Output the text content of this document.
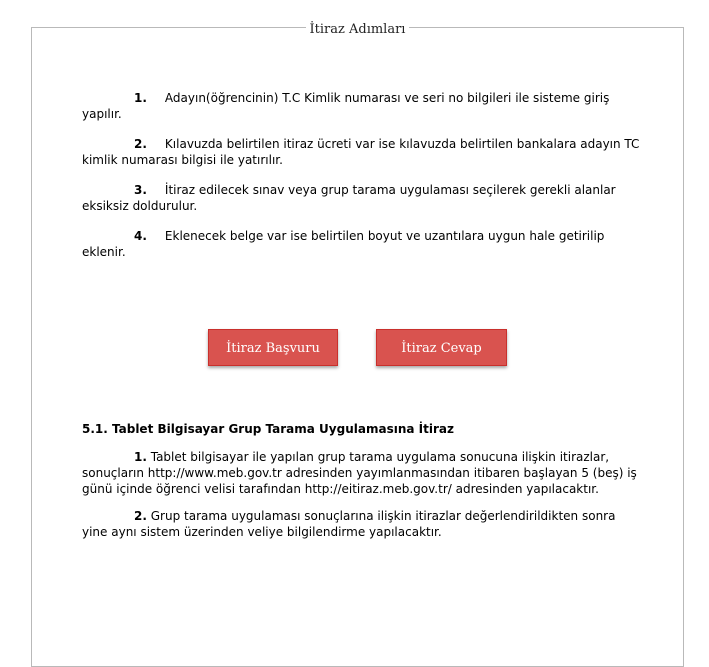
İtiraz Adımları

1. Adayın(öğrencinin) T.C Kimlik numarası ve seri no bilgileri ile sisteme giriş yapılır.

2. Kılavuzda belirtilen itiraz ücreti var ise kılavuzda belirtilen bankalara adayın TC kimlik numarası bilgisi ile yatırılır.

3. İtiraz edilecek sınav veya grup tarama uygulaması seçilerek gerekli alanlar eksiksiz doldurulur.

4. Eklenecek belge var ise belirtilen boyut ve uzantılara uygun hale getirilip eklenir.

İtiraz Başvuru	İtiraz Cevap

5.1. Tablet Bilgisayar Grup Tarama Uygulamasına İtiraz

1. Tablet bilgisayar ile yapılan grup tarama uygulama sonucuna ilişkin itirazlar, sonuçların http://www.meb.gov.tr adresinden yayımlanmasından itibaren başlayan 5 (beş) iş günü içinde öğrenci velisi tarafından http://eitiraz.meb.gov.tr/ adresinden yapılacaktır.

2. Grup tarama uygulaması sonuçlarına ilişkin itirazlar değerlendirildikten sonra yine aynı sistem üzerinden veliye bilgilendirme yapılacaktır.
